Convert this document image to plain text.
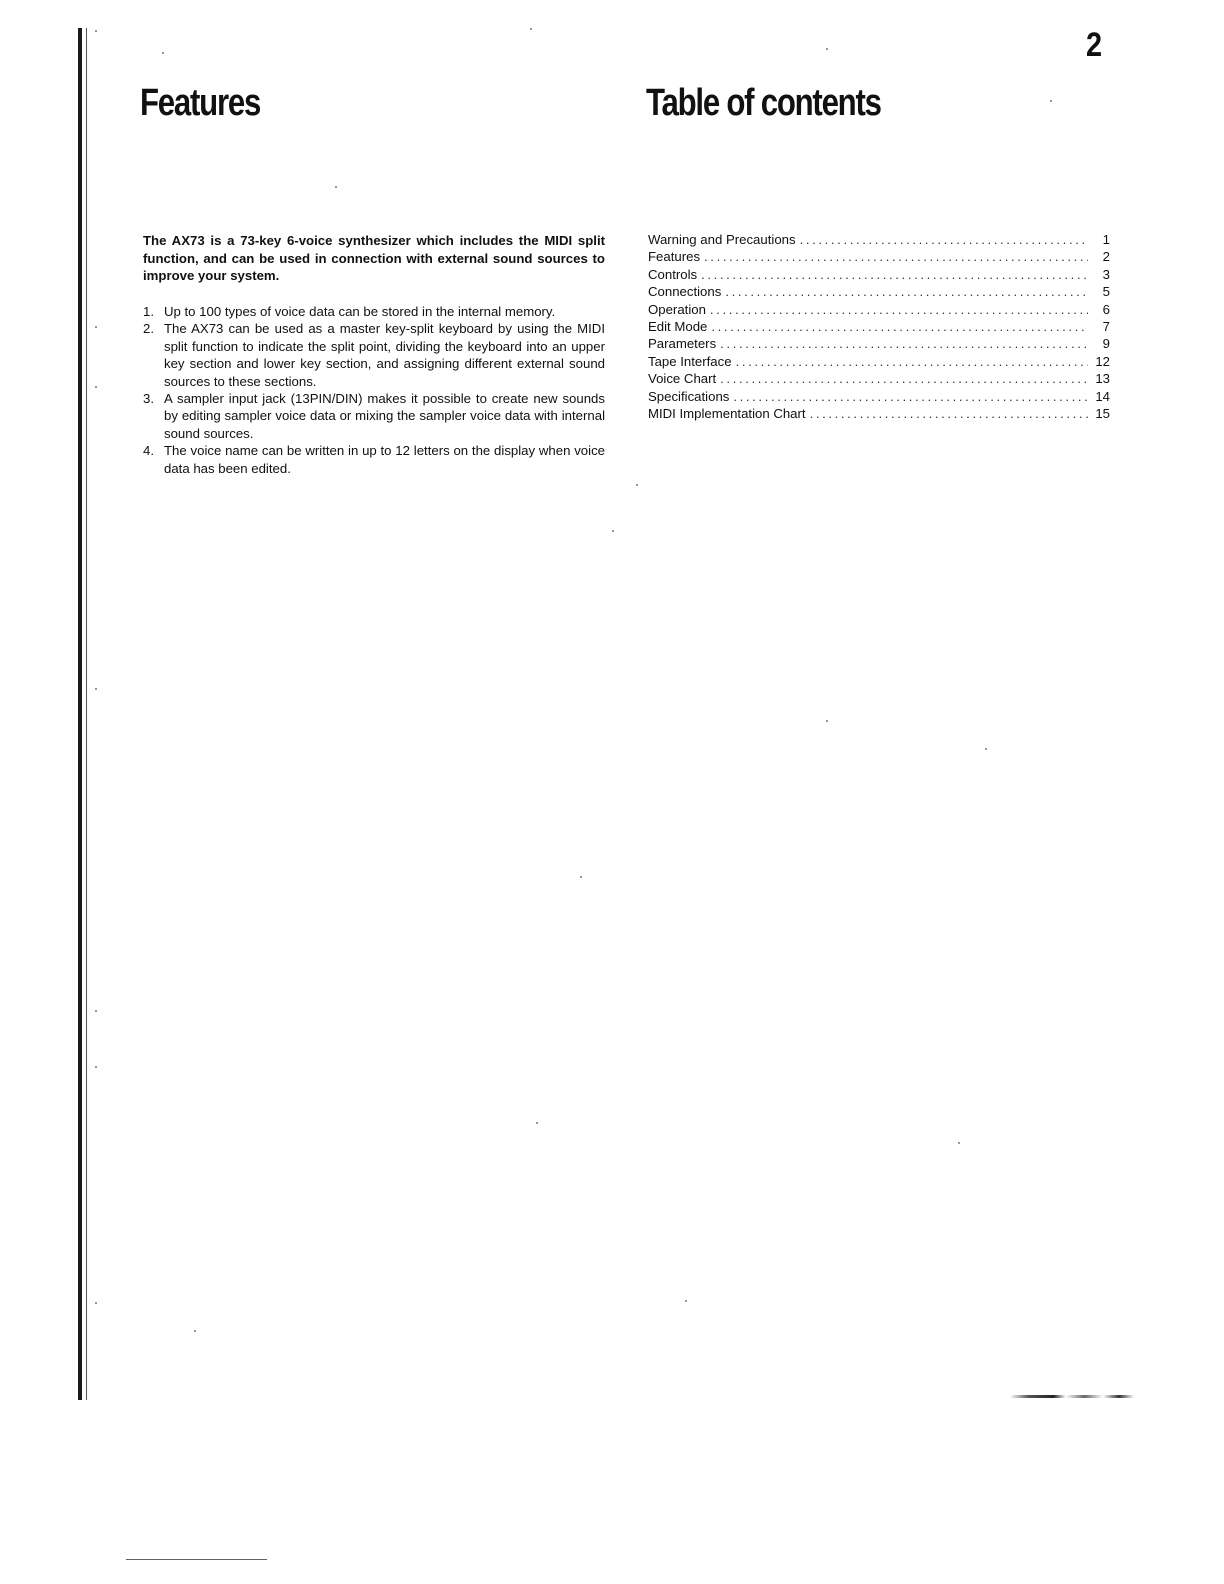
2
Features	Table of contents

The AX73 is a 73-key 6-voice synthesizer which includes the MIDI split function, and can be used in connection with external sound sources to improve your system.

1. Up to 100 types of voice data can be stored in the internal memory.
2. The AX73 can be used as a master key-split keyboard by using the MIDI split function to indicate the split point, dividing the keyboard into an upper key section and lower key section, and assigning different external sound sources to these sections.
3. A sampler input jack (13PIN/DIN) makes it possible to create new sounds by editing sampler voice data or mixing the sampler voice data with internal sound sources.
4. The voice name can be written in up to 12 letters on the display when voice data has been edited.
Warning and Precautions .....	1
Features .....	2
Controls .....	3
Connections .....	5
Operation .....	6
Edit Mode .....	7
Parameters .....	9
Tape Interface .....	12
Voice Chart .....	13
Specifications .....	14
MIDI Implementation Chart .....	15
